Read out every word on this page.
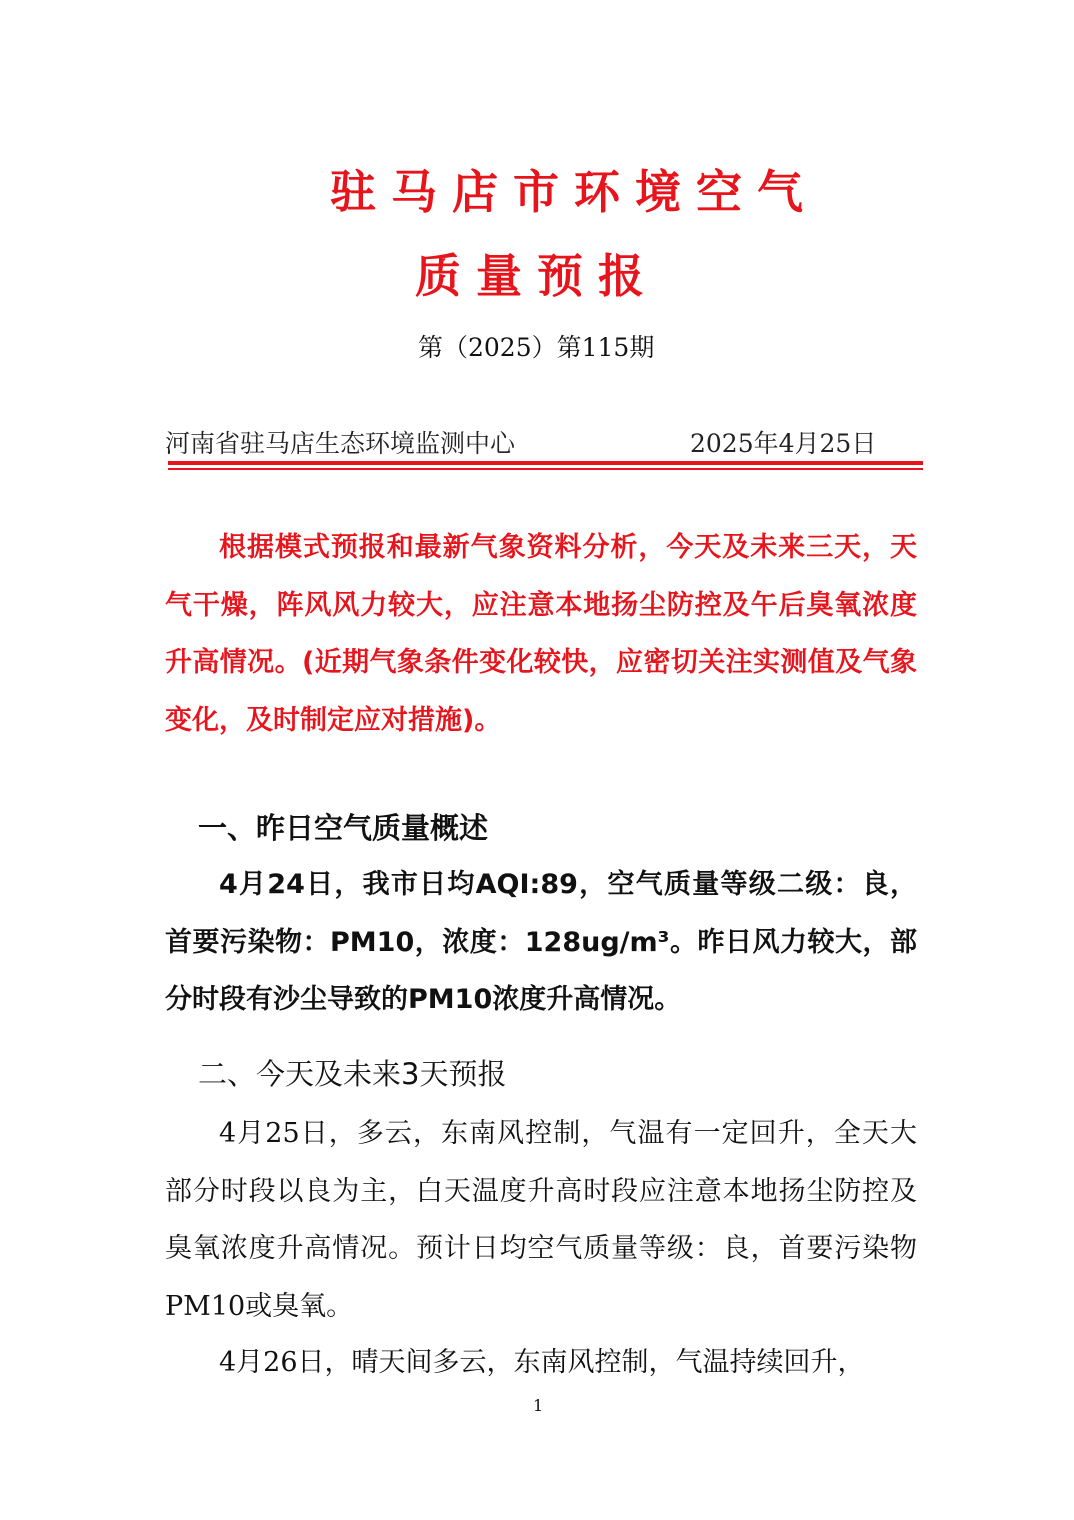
驻马店市环境空气
质量预报
第（2025）第115期
河南省驻马店生态环境监测中心	2025年4月25日
根据模式预报和最新气象资料分析，今天及未来三天，天气干燥，阵风风力较大，应注意本地扬尘防控及午后臭氧浓度升高情况。(近期气象条件变化较快，应密切关注实测值及气象变化，及时制定应对措施)。
一、昨日空气质量概述
4月24日，我市日均AQI:89，空气质量等级二级：良，首要污染物：PM10，浓度：128ug/m³。昨日风力较大，部分时段有沙尘导致的PM10浓度升高情况。
二、今天及未来3天预报
4月25日，多云，东南风控制，气温有一定回升，全天大部分时段以良为主，白天温度升高时段应注意本地扬尘防控及臭氧浓度升高情况。预计日均空气质量等级：良，首要污染物 PM10或臭氧。
4月26日，晴天间多云，东南风控制，气温持续回升，
1
